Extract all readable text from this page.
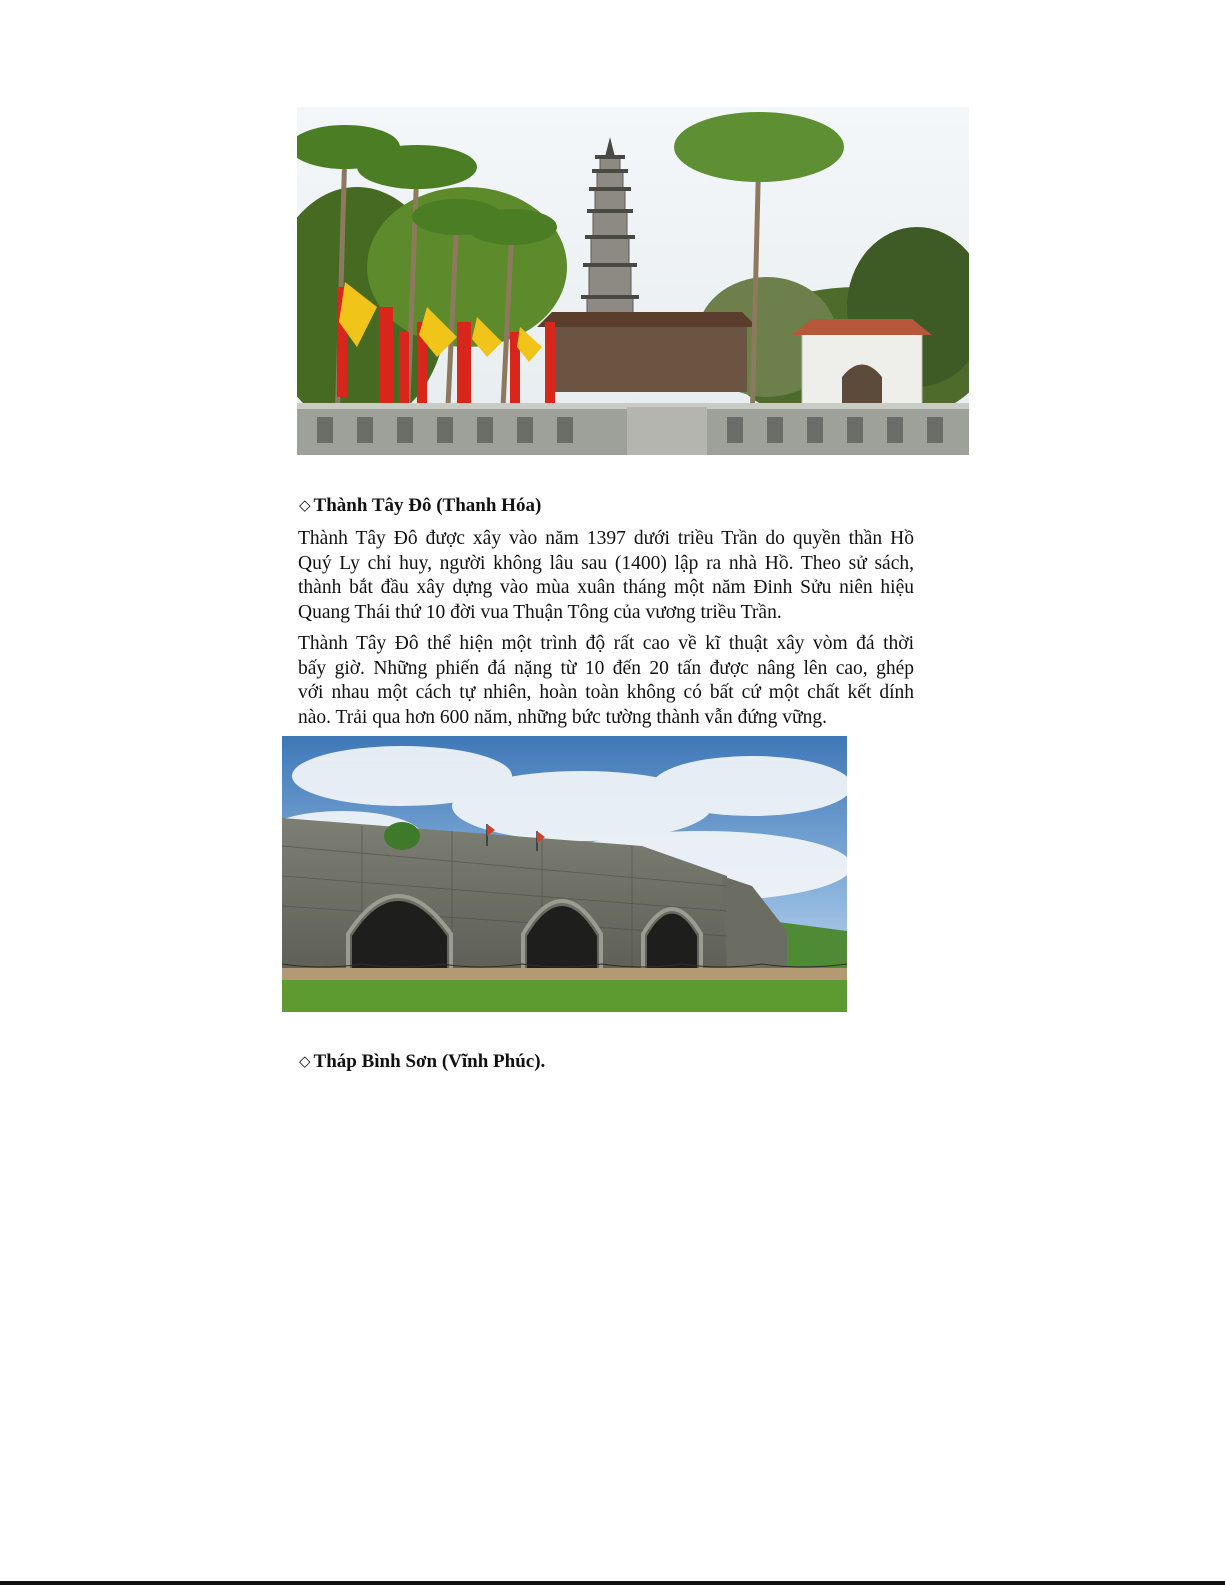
◇ Thành Tây Đô (Thanh Hóa)

Thành Tây Đô được xây vào năm 1397 dưới triều Trần do quyền thần Hồ
Quý Ly chỉ huy, người không lâu sau (1400) lập ra nhà Hồ. Theo sử sách,
thành bắt đầu xây dựng vào mùa xuân tháng một năm Đinh Sửu niên hiệu
Quang Thái thứ 10 đời vua Thuận Tông của vương triều Trần.

Thành Tây Đô thể hiện một trình độ rất cao về kĩ thuật xây vòm đá thời
bấy giờ. Những phiến đá nặng từ 10 đến 20 tấn được nâng lên cao, ghép
với nhau một cách tự nhiên, hoàn toàn không có bất cứ một chất kết dính
nào. Trải qua hơn 600 năm, những bức tường thành vẫn đứng vững.

◇ Tháp Bình Sơn (Vĩnh Phúc).
